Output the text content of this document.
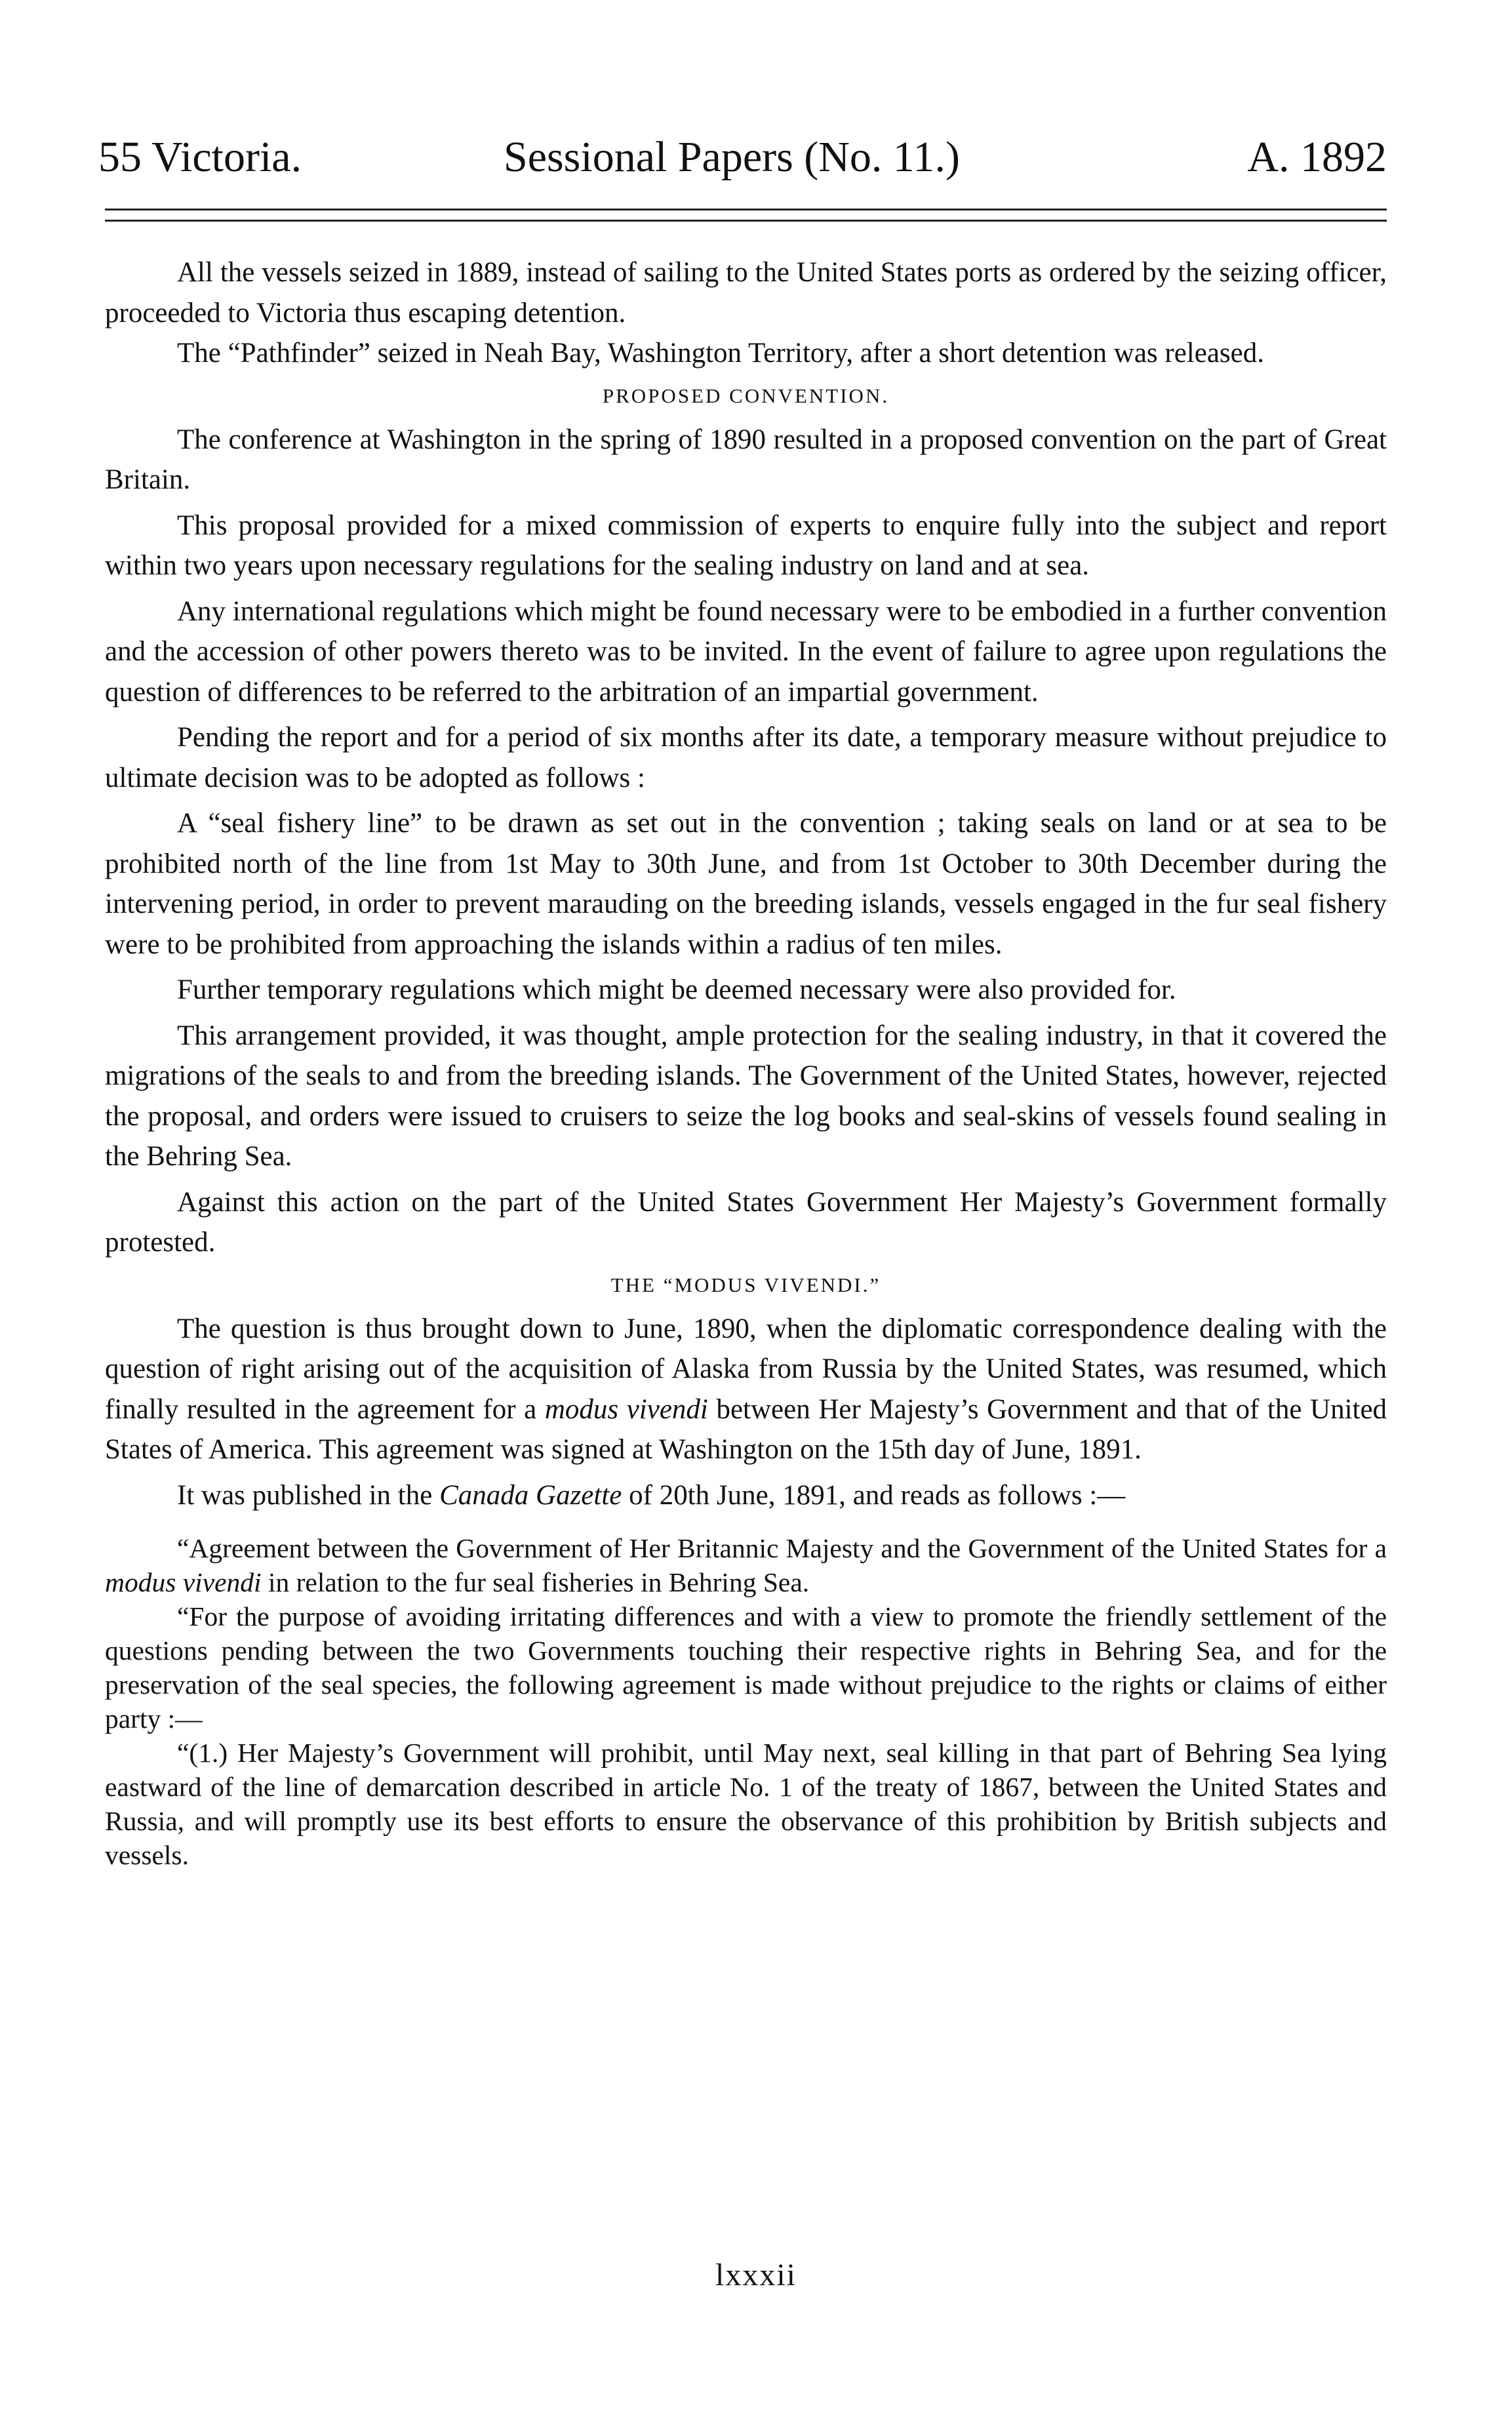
55 Victoria.	Sessional Papers (No. 11.)	A. 1892

All the vessels seized in 1889, instead of sailing to the United States ports as ordered by the seizing officer, proceeded to Victoria thus escaping detention.

The “Pathfinder” seized in Neah Bay, Washington Territory, after a short detention was released.

PROPOSED CONVENTION.

The conference at Washington in the spring of 1890 resulted in a proposed convention on the part of Great Britain.

This proposal provided for a mixed commission of experts to enquire fully into the subject and report within two years upon necessary regulations for the sealing industry on land and at sea.

Any international regulations which might be found necessary were to be embodied in a further convention and the accession of other powers thereto was to be invited. In the event of failure to agree upon regulations the question of differences to be referred to the arbitration of an impartial government.

Pending the report and for a period of six months after its date, a temporary measure without prejudice to ultimate decision was to be adopted as follows :

A “seal fishery line” to be drawn as set out in the convention ; taking seals on land or at sea to be prohibited north of the line from 1st May to 30th June, and from 1st October to 30th December during the intervening period, in order to prevent marauding on the breeding islands, vessels engaged in the fur seal fishery were to be prohibited from approaching the islands within a radius of ten miles.

Further temporary regulations which might be deemed necessary were also provided for.

This arrangement provided, it was thought, ample protection for the sealing industry, in that it covered the migrations of the seals to and from the breeding islands. The Government of the United States, however, rejected the proposal, and orders were issued to cruisers to seize the log books and seal-skins of vessels found sealing in the Behring Sea.

Against this action on the part of the United States Government Her Majesty’s Government formally protested.

THE “MODUS VIVENDI.”

The question is thus brought down to June, 1890, when the diplomatic correspondence dealing with the question of right arising out of the acquisition of Alaska from Russia by the United States, was resumed, which finally resulted in the agreement for a modus vivendi between Her Majesty’s Government and that of the United States of America. This agreement was signed at Washington on the 15th day of June, 1891.

It was published in the Canada Gazette of 20th June, 1891, and reads as follows :—

“Agreement between the Government of Her Britannic Majesty and the Government of the United States for a modus vivendi in relation to the fur seal fisheries in Behring Sea.

“For the purpose of avoiding irritating differences and with a view to promote the friendly settlement of the questions pending between the two Governments touching their respective rights in Behring Sea, and for the preservation of the seal species, the following agreement is made without prejudice to the rights or claims of either party :—

“(1.) Her Majesty’s Government will prohibit, until May next, seal killing in that part of Behring Sea lying eastward of the line of demarcation described in article No. 1 of the treaty of 1867, between the United States and Russia, and will promptly use its best efforts to ensure the observance of this prohibition by British subjects and vessels.

lxxxii
